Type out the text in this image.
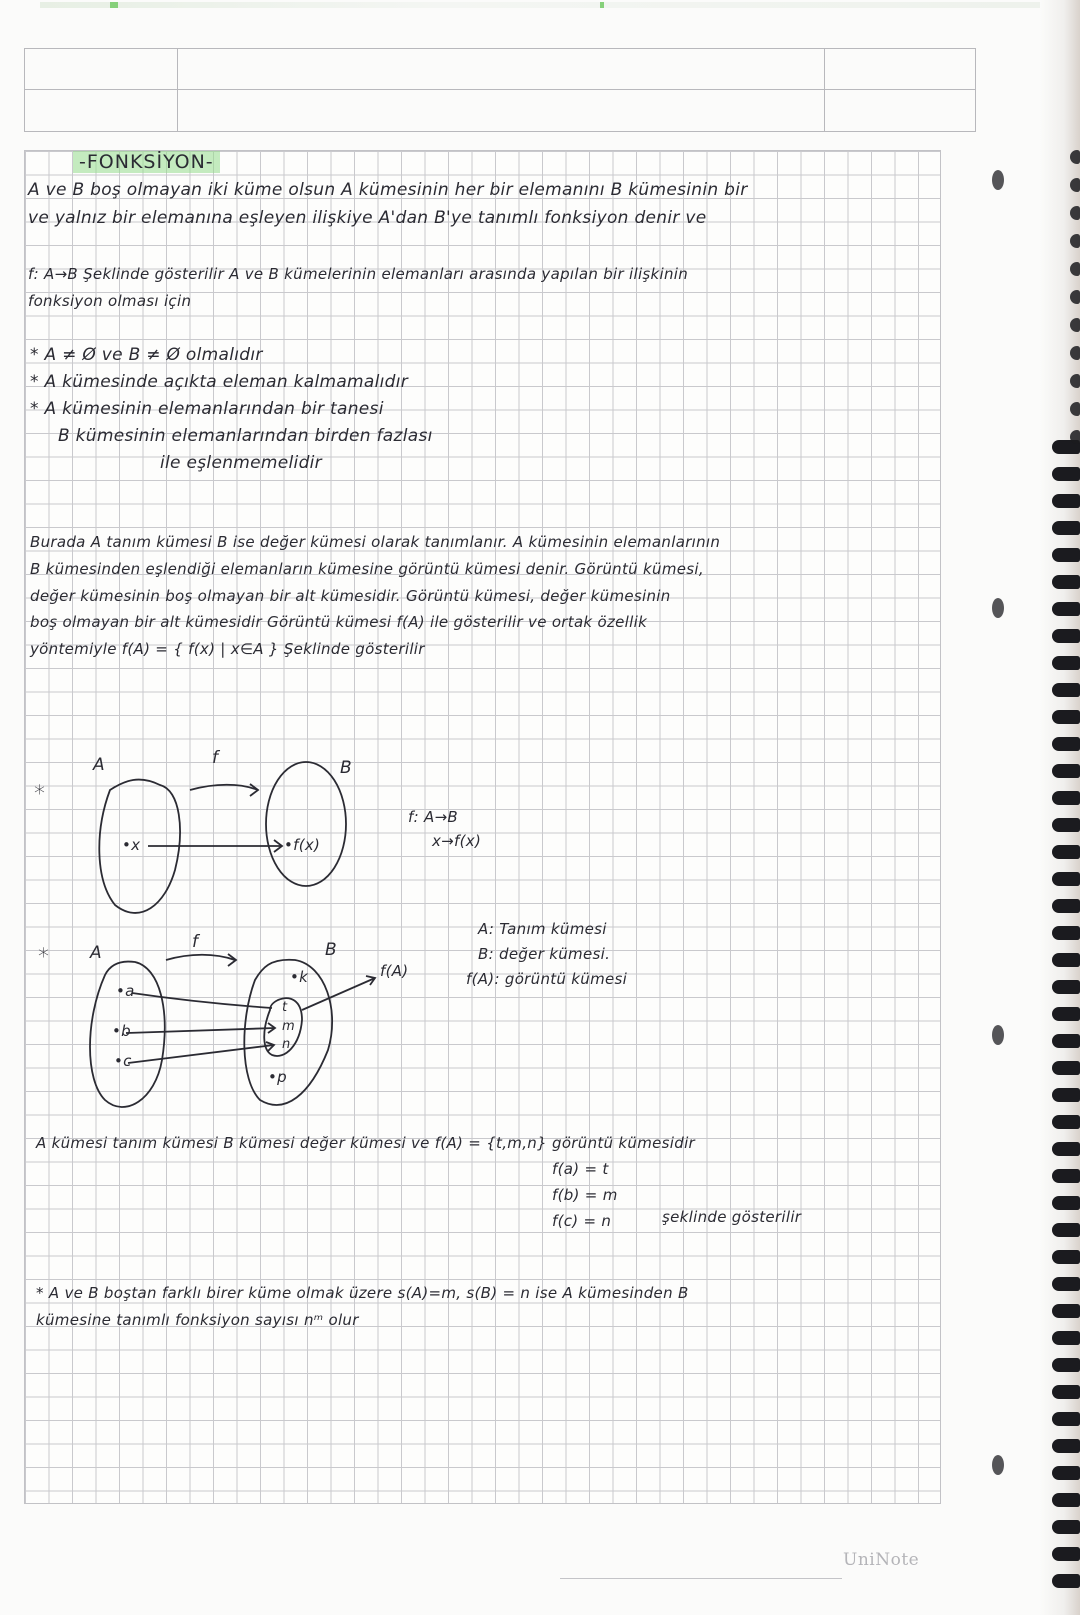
-FONKSİYON-
A ve B boş olmayan iki küme olsun A kümesinin her bir elemanını B kümesinin bir
ve yalnız bir elemanına eşleyen ilişkiye A'dan B'ye tanımlı fonksiyon denir ve
f: A→B Şeklinde gösterilir A ve B kümelerinin elemanları arasında yapılan bir ilişkinin
fonksiyon olması için
* A ≠ Ø ve B ≠ Ø olmalıdır
* A kümesinde açıkta eleman kalmamalıdır
* A kümesinin elemanlarından bir tanesi
B kümesinin elemanlarından birden fazlası
ile eşlenmemelidir
Burada A tanım kümesi B ise değer kümesi olarak tanımlanır. A kümesinin elemanlarının
B kümesinden eşlendiği elemanların kümesine görüntü kümesi denir. Görüntü kümesi,
değer kümesinin boş olmayan bir alt kümesidir. Görüntü kümesi, değer kümesinin
boş olmayan bir alt kümesidir Görüntü kümesi f(A) ile gösterilir ve ortak özellik
yöntemiyle f(A) = { f(x) | x∈A } Şeklinde gösterilir
*
A	B
f
•x	•f(x)
f: A→B
x→f(x)
* A	B
f
•a
•b
•c
•k
•p
t
m
n
f(A)
A: Tanım kümesi
B: değer kümesi.
f(A): görüntü kümesi
A kümesi tanım kümesi B kümesi değer kümesi ve f(A) = {t,m,n} görüntü kümesidir
f(a) = t
f(b) = m
f(c) = n	şeklinde gösterilir
* A ve B boştan farklı birer küme olmak üzere s(A)=m, s(B) = n ise A kümesinden B
kümesine tanımlı fonksiyon sayısı nᵐ olur
UniNote
